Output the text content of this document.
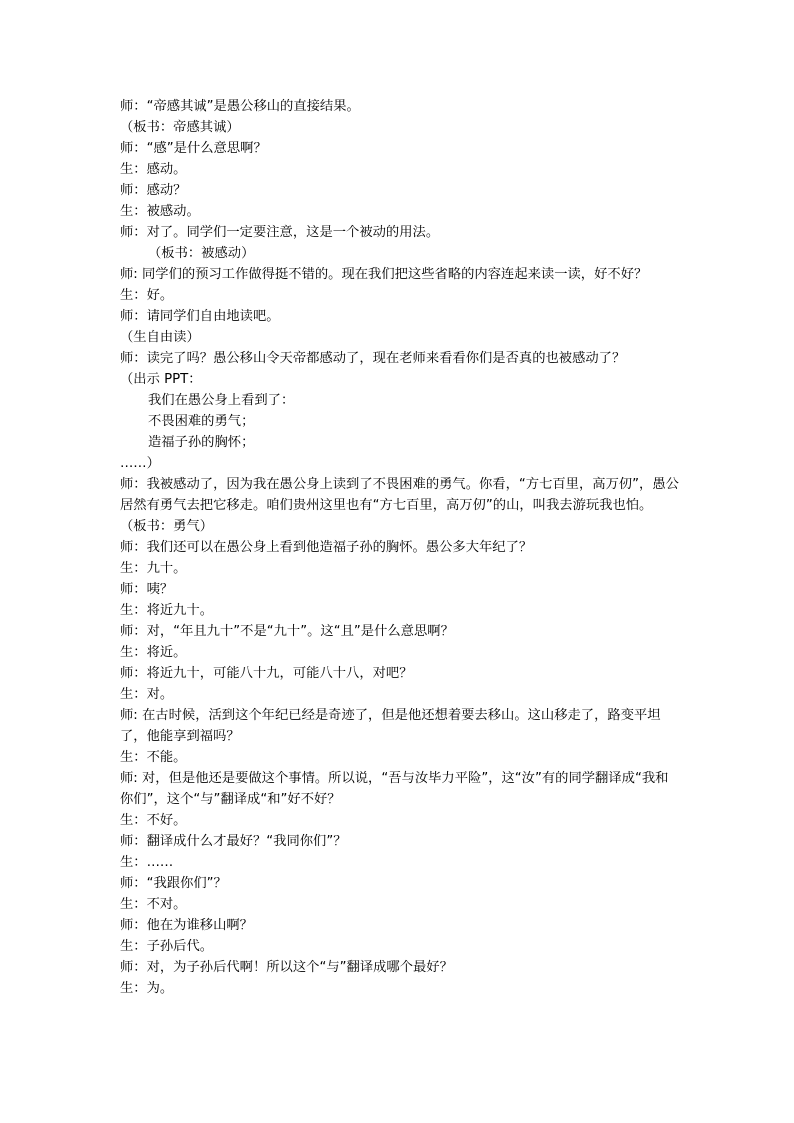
师：“帝感其诚”是愚公移山的直接结果。
（板书：帝感其诚）
师：“感”是什么意思啊？
生：感动。
师：感动？
生：被感动。
师：对了。同学们一定要注意，这是一个被动的用法。
（板书：被感动）
师: 同学们的预习工作做得挺不错的。现在我们把这些省略的内容连起来读一读，好不好？
生：好。
师：请同学们自由地读吧。
（生自由读）
师：读完了吗？愚公移山令天帝都感动了，现在老师来看看你们是否真的也被感动了？
（出示 PPT：
我们在愚公身上看到了：
不畏困难的勇气；
造福子孙的胸怀；
……）
师：我被感动了，因为我在愚公身上读到了不畏困难的勇气。你看，“方七百里，高万仞”，愚公居然有勇气去把它移走。咱们贵州这里也有“方七百里，高万仞”的山，叫我去游玩我也怕。
（板书：勇气）
师：我们还可以在愚公身上看到他造福子孙的胸怀。愚公多大年纪了？
生：九十。
师：咦？
生：将近九十。
师：对，“年且九十”不是“九十”。这“且”是什么意思啊？
生：将近。
师：将近九十，可能八十九，可能八十八，对吧？
生：对。
师: 在古时候，活到这个年纪已经是奇迹了，但是他还想着要去移山。这山移走了，路变平坦了，他能享到福吗？
生：不能。
师: 对，但是他还是要做这个事情。所以说，“吾与汝毕力平险”，这“汝”有的同学翻译成“我和你们”，这个“与”翻译成“和”好不好？
生：不好。
师：翻译成什么才最好？“我同你们”？
生：……
师：“我跟你们”？
生：不对。
师：他在为谁移山啊？
生：子孙后代。
师：对，为子孙后代啊！所以这个“与”翻译成哪个最好？
生：为。
